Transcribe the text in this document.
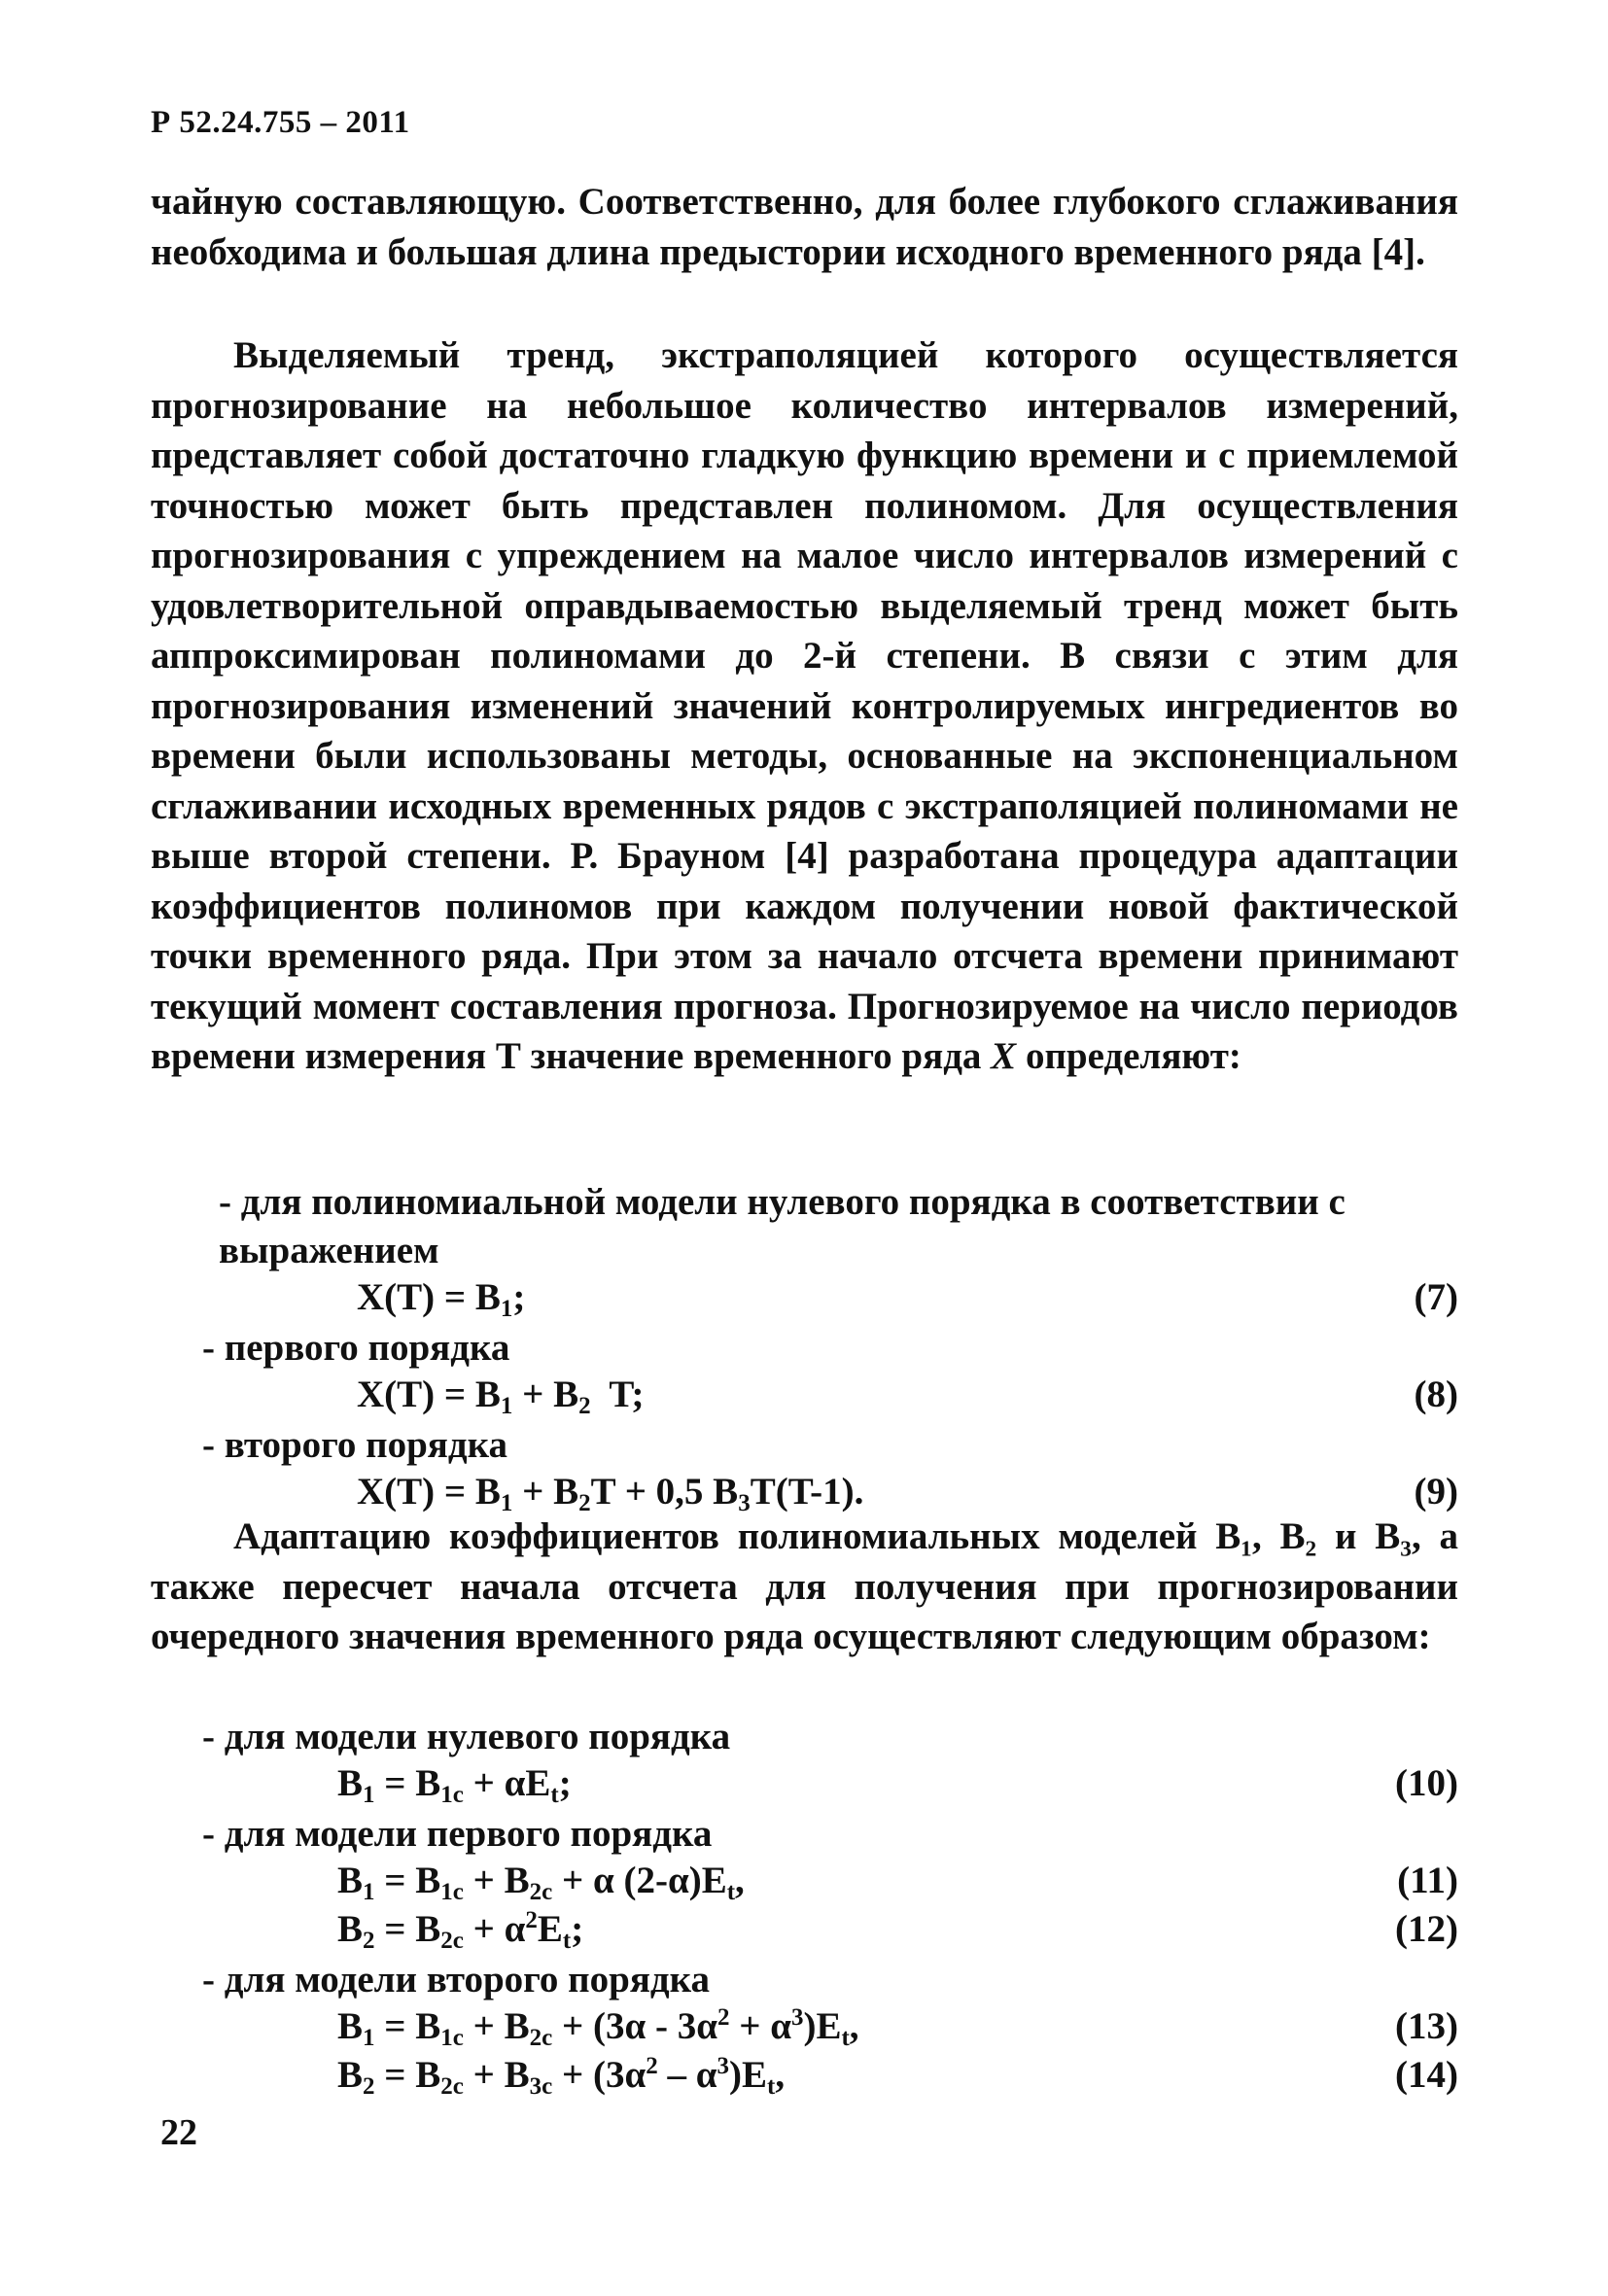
Р 52.24.755 – 2011
чайную составляющую. Соответственно, для более глубокого сглаживания необходима и большая длина предыстории исходного временного ряда [4].
Выделяемый тренд, экстраполяцией которого осуществляется прогнозирование на небольшое количество интервалов измерений, представляет собой достаточно гладкую функцию времени и с приемлемой точностью может быть представлен полиномом. Для осуществления прогнозирования с упреждением на малое число интервалов измерений с удовлетворительной оправдываемостью выделяемый тренд может быть аппроксимирован полиномами до 2-й степени. В связи с этим для прогнозирования изменений значений контролируемых ингредиентов во времени были использованы методы, основанные на экспоненциальном сглаживании исходных временных рядов с экстраполяцией полиномами не выше второй степени. Р. Брауном [4] разработана процедура адаптации коэффициентов полиномов при каждом получении новой фактической точки временного ряда. При этом за начало отсчета времени принимают текущий момент составления прогноза. Прогнозируемое на число периодов времени измерения Т значение временного ряда X определяют:
- для полиномиальной модели нулевого порядка в соответствии с выражением
$X(T) = B_1$;	(7)
- первого порядка
$X(T) = B_1 + B_2$  T;	(8)
- второго порядка
$X(T) = B_1 + B_2T + 0,5$ $B_3T(T-1)$.	(9)
Адаптацию коэффициентов полиномиальных моделей B₁, B₂ и B₃, а также пересчет начала отсчета для получения при прогнозировании очередного значения временного ряда осуществляют следующим образом:
- для модели нулевого порядка
$B_1 = B_{1c} + \alpha E_t$;	(10)
- для модели первого порядка
$B_1 = B_{1c} + B_{2c} + \alpha$ $(2-\alpha)E_t$,	(11)
$B_2 = B_{2c} + \alpha^2E_t$;	(12)
- для модели второго порядка
$B_1 = B_{1c} + B_{2c} + (3\alpha - 3\alpha^2 + \alpha^3)E_t$,	(13)
$B_2 = B_{2c} + B_{3c} + (3\alpha^2 - \alpha^3)E_t$,	(14)
22
